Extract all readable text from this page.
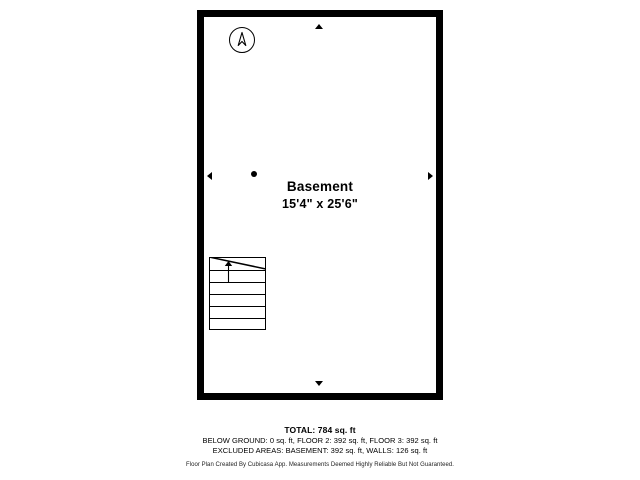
Basement
15'4" x 25'6"
TOTAL: 784 sq. ft
BELOW GROUND: 0 sq. ft, FLOOR 2: 392 sq. ft, FLOOR 3: 392 sq. ft
EXCLUDED AREAS: BASEMENT: 392 sq. ft, WALLS: 126 sq. ft
Floor Plan Created By Cubicasa App. Measurements Deemed Highly Reliable But Not Guaranteed.
